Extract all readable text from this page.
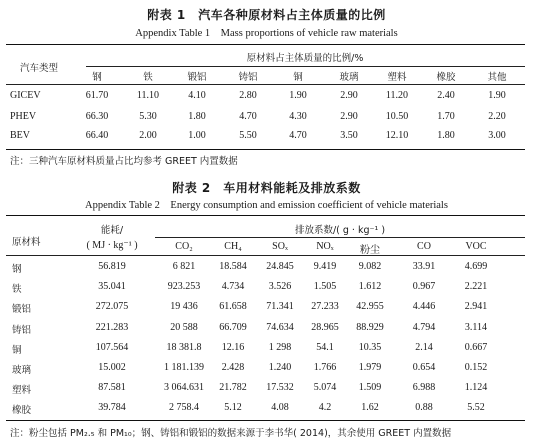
附表 1　汽车各种原材料占主体质量的比例
Appendix Table 1　Mass proportions of vehicle raw materials
汽车类型
原材料占主体质量的比例/%
钢	铁	锻铝	铸铝	铜	玻璃	塑料	橡胶	其他
GICEV	61.70	11.10	4.10	2.80	1.90	2.90	11.20	2.40	1.90
PHEV	66.30	5.30	1.80	4.70	4.30	2.90	10.50	1.70	2.20
BEV	66.40	2.00	1.00	5.50	4.70	3.50	12.10	1.80	3.00
注：三种汽车原材料质量占比均参考 GREET 内置数据
附表 2　车用材料能耗及排放系数
Appendix Table 2　Energy consumption and emission coefficient of vehicle materials
原材料
能耗/
( MJ · kg⁻¹ )
排放系数/( g · kg⁻¹ )
CO₂	CH₄	SOₓ	NOₓ	粉尘	CO	VOC
钢	56.819	6 821	18.584	24.845	9.419	9.082	33.91	4.699
铁	35.041	923.253	4.734	3.526	1.505	1.612	0.967	2.221
锻铝	272.075	19 436	61.658	71.341	27.233	42.955	4.446	2.941
铸铝	221.283	20 588	66.709	74.634	28.965	88.929	4.794	3.114
铜	107.564	18 381.8	12.16	1 298	54.1	10.35	2.14	0.667
玻璃	15.002	1 181.139	2.428	1.240	1.766	1.979	0.654	0.152
塑料	87.581	3 064.631	21.782	17.532	5.074	1.509	6.988	1.124
橡胶	39.784	2 758.4	5.12	4.08	4.2	1.62	0.88	5.52
注：粉尘包括 PM₂.₅ 和 PM₁₀；钢、铸铝和锻铝的数据来源于李书华( 2014)，其余使用 GREET 内置数据
